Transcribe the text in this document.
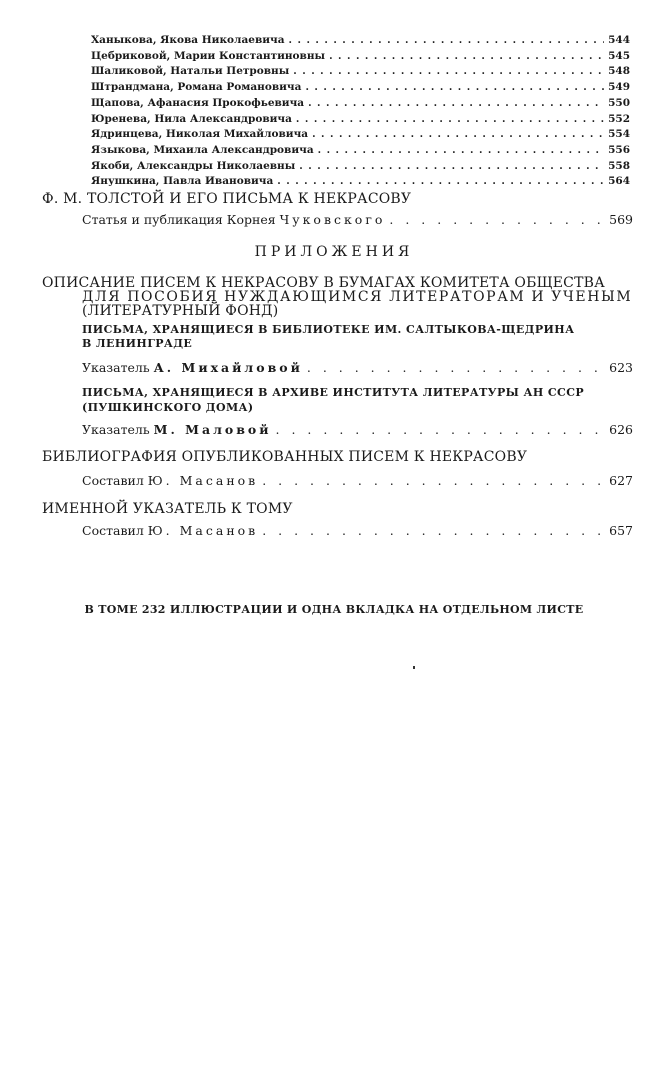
Ханыкова, Якова Николаевича . . .	544
Цебриковой, Марии Константиновны . . .	545
Шаликовой, Натальи Петровны . . .	548
Штрандмана, Романа Романовича . . .	549
Щапова, Афанасия Прокофьевича . . .	550
Юренева, Нила Александровича . . .	552
Ядринцева, Николая Михайловича . . .	554
Языкова, Михаила Александровича . . .	556
Якоби, Александры Николаевны . . .	558
Янушкина, Павла Ивановича . . .	564
Ф. М. ТОЛСТОЙ И ЕГО ПИСЬМА К НЕКРАСОВУ
Статья и публикация Корнея Чуковского . . .	569
ПРИЛОЖЕНИЯ
ОПИСАНИЕ ПИСЕМ К НЕКРАСОВУ В БУМАГАХ КОМИТЕТА ОБЩЕСТВА
ДЛЯ ПОСОБИЯ НУЖДАЮЩИМСЯ ЛИТЕРАТОРАМ И УЧЕНЫМ
(ЛИТЕРАТУРНЫЙ ФОНД)
ПИСЬМА, ХРАНЯЩИЕСЯ В БИБЛИОТЕКЕ ИМ. САЛТЫКОВА-ЩЕДРИНА
В ЛЕНИНГРАДЕ
Указатель А. Михайловой . . .	623
ПИСЬМА, ХРАНЯЩИЕСЯ В АРХИВЕ ИНСТИТУТА ЛИТЕРАТУРЫ АН СССР
(ПУШКИНСКОГО ДОМА)
Указатель М. Маловой . . .	626
БИБЛИОГРАФИЯ ОПУБЛИКОВАННЫХ ПИСЕМ К НЕКРАСОВУ
Составил Ю. Масанов . . .	627
ИМЕННОЙ УКАЗАТЕЛЬ К ТОМУ
Составил Ю. Масанов . . .	657
В ТОМЕ 232 ИЛЛЮСТРАЦИИ И ОДНА ВКЛАДКА НА ОТДЕЛЬНОМ ЛИСТЕ
